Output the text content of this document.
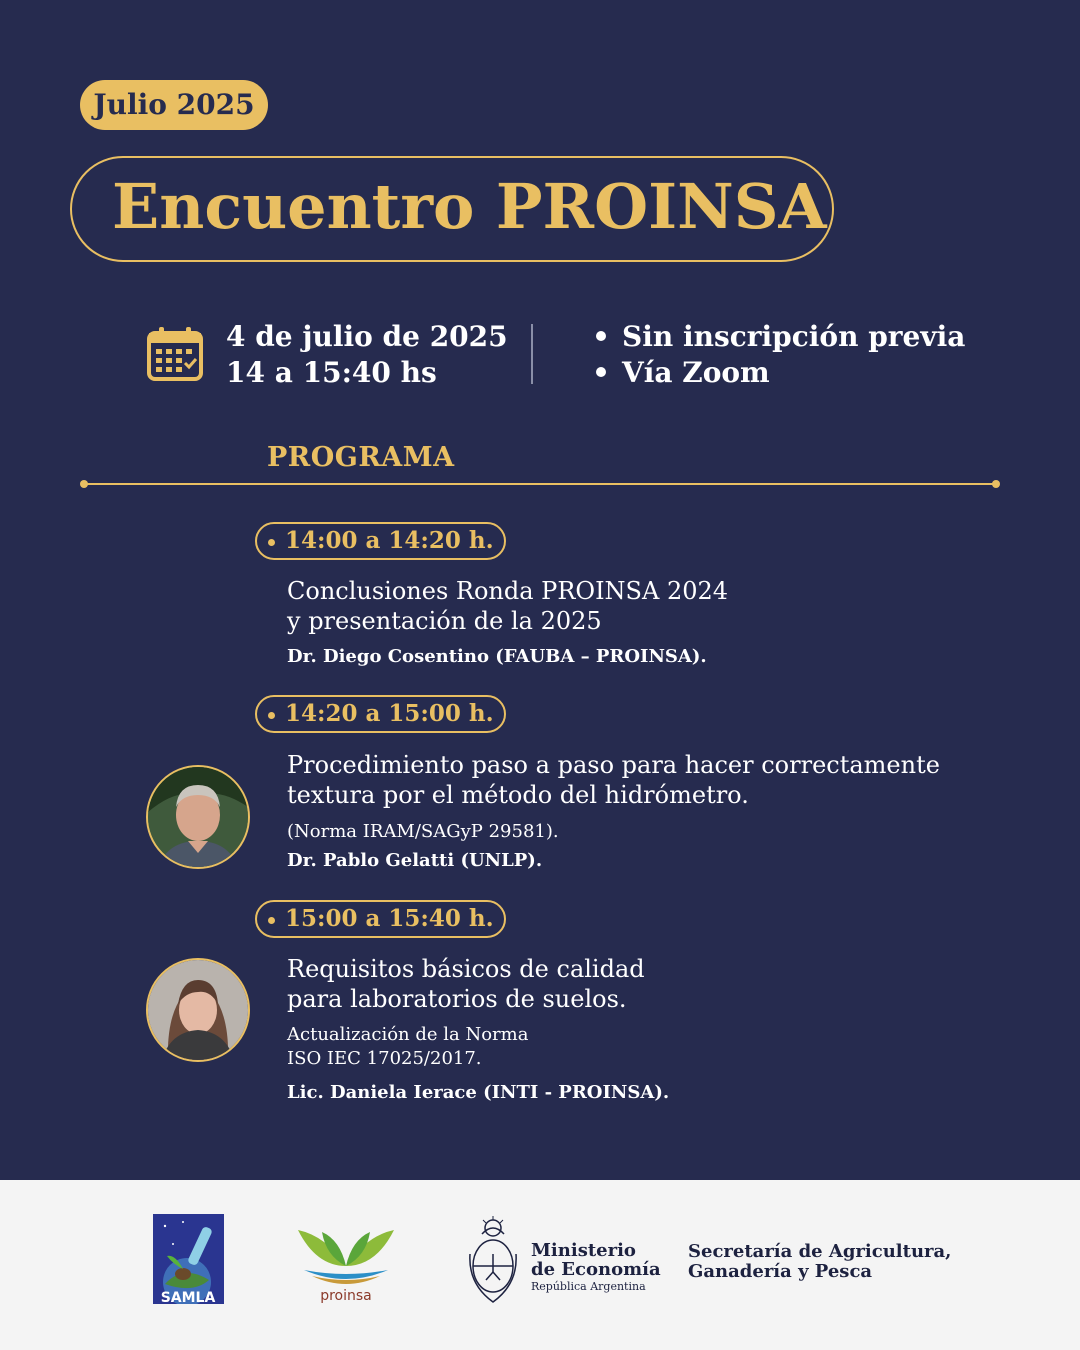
Julio 2025
Encuentro PROINSA
4 de julio de 2025
14 a 15:40 hs
Sin inscripción previa
Vía Zoom
PROGRAMA
14:00 a 14:20 h.
Conclusiones Ronda PROINSA 2024
y presentación de la 2025
Dr. Diego Cosentino (FAUBA – PROINSA).
14:20 a 15:00 h.
Procedimiento paso a paso para hacer correctamente
textura por el método del hidrómetro.
(Norma IRAM/SAGyP 29581).
Dr. Pablo Gelatti (UNLP).
15:00 a 15:40 h.
Requisitos básicos de calidad
para laboratorios de suelos.
Actualización de la Norma
ISO IEC 17025/2017.
Lic. Daniela Ierace (INTI - PROINSA).
SAMLA	proinsa
Ministerio
de Economía
República Argentina
Secretaría de Agricultura,
Ganadería y Pesca
